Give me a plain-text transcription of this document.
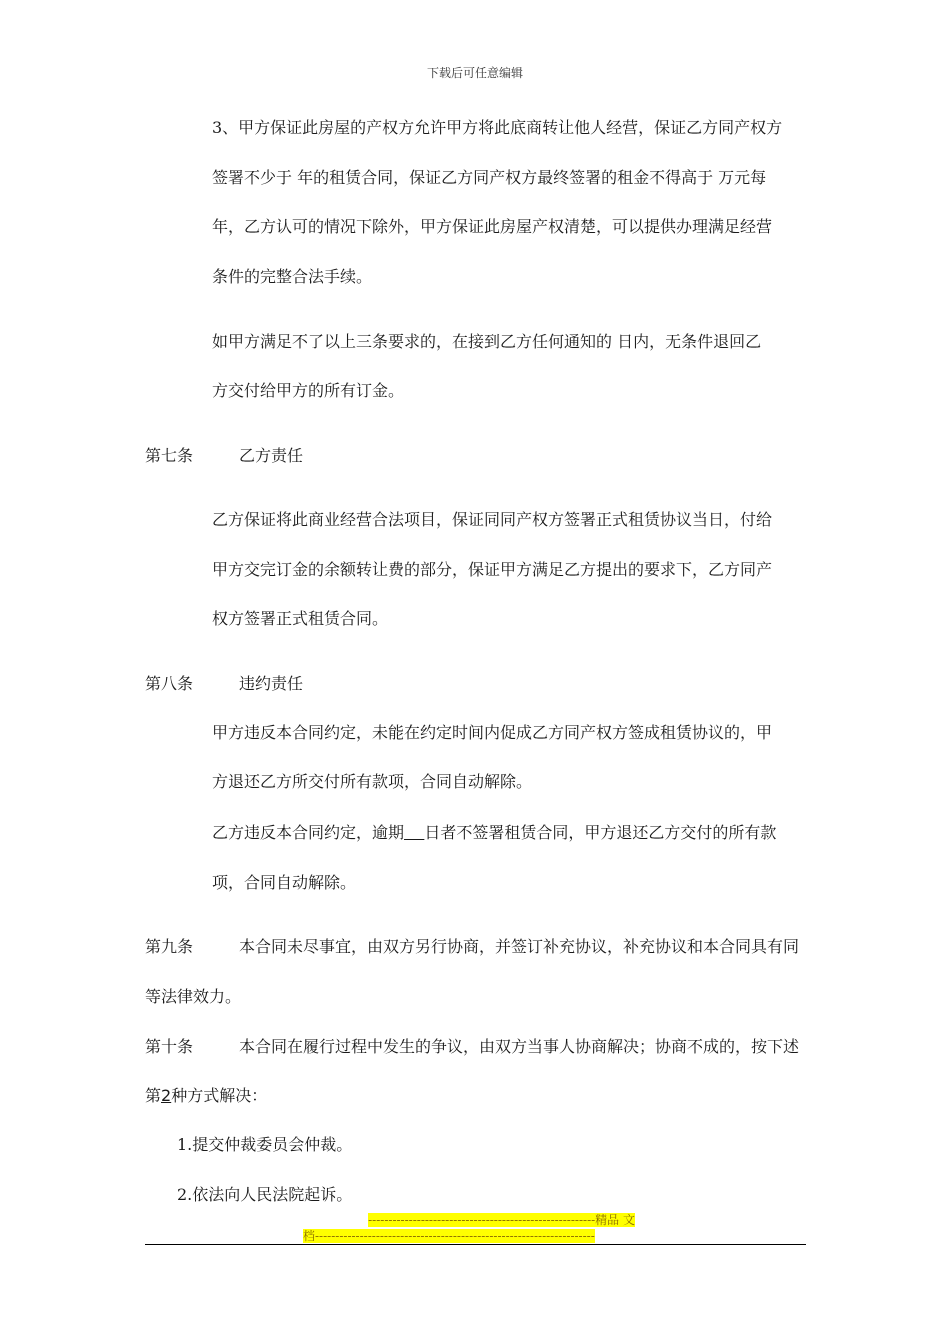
下载后可任意编辑
3、甲方保证此房屋的产权方允许甲方将此底商转让他人经营，保证乙方同产权方
签署不少于 年的租赁合同，保证乙方同产权方最终签署的租金不得高于 万元每
年，乙方认可的情况下除外，甲方保证此房屋产权清楚，可以提供办理满足经营
条件的完整合法手续。
如甲方满足不了以上三条要求的，在接到乙方任何通知的 日内，无条件退回乙
方交付给甲方的所有订金。
第七条	乙方责任
乙方保证将此商业经营合法项目，保证同同产权方签署正式租赁协议当日，付给
甲方交完订金的余额转让费的部分，保证甲方满足乙方提出的要求下，乙方同产
权方签署正式租赁合同。
第八条	违约责任
甲方违反本合同约定，未能在约定时间内促成乙方同产权方签成租赁协议的，甲
方退还乙方所交付所有款项，合同自动解除。
乙方违反本合同约定，逾期 日者不签署租赁合同，甲方退还乙方交付的所有款
项，合同自动解除。
第九条	本合同未尽事宜，由双方另行协商，并签订补充协议，补充协议和本合同具有同
等法律效力。
第十条	本合同在履行过程中发生的争议，由双方当事人协商解决；协商不成的，按下述
第2种方式解决：
1.提交仲裁委员会仲裁。
2.依法向人民法院起诉。
--------------------------------------------------------精品 文
档---------------------------------------------------------------------
